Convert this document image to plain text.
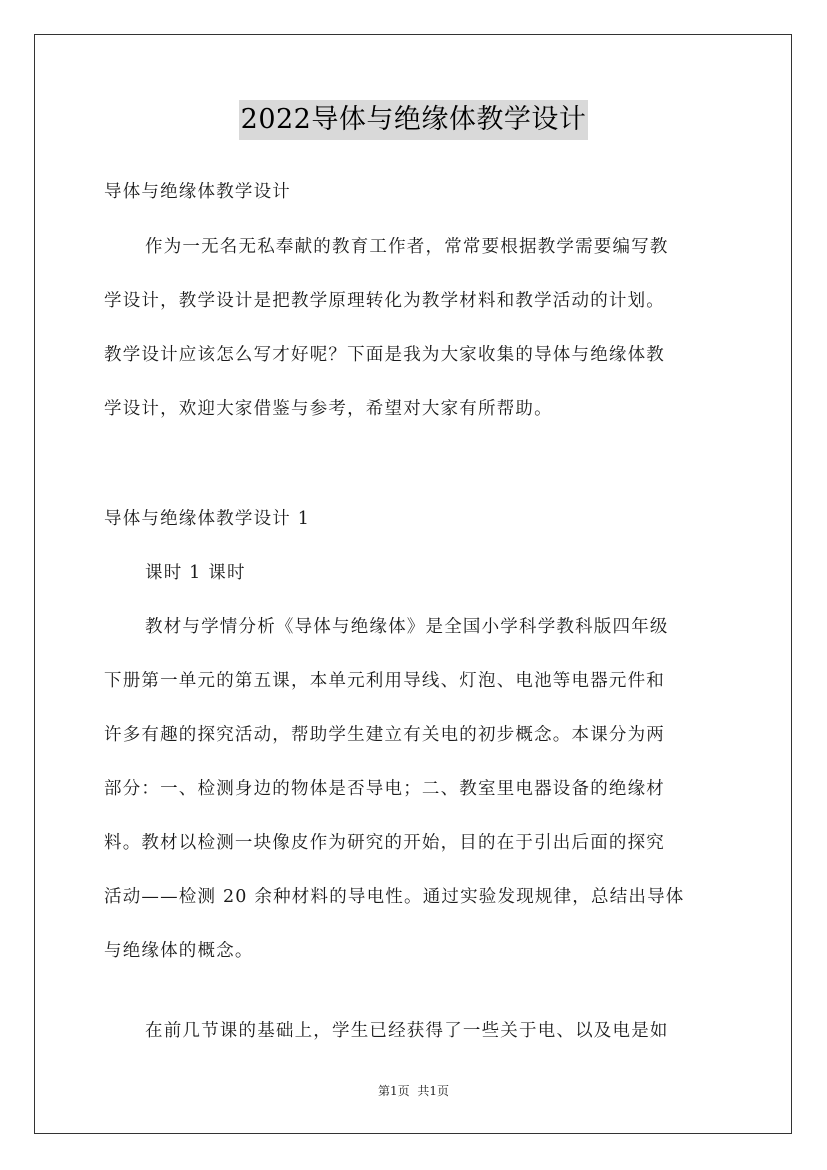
2022导体与绝缘体教学设计
导体与绝缘体教学设计
作为一无名无私奉献的教育工作者，常常要根据教学需要编写教
学设计，教学设计是把教学原理转化为教学材料和教学活动的计划。
教学设计应该怎么写才好呢？下面是我为大家收集的导体与绝缘体教
学设计，欢迎大家借鉴与参考，希望对大家有所帮助。
导体与绝缘体教学设计 1
课时 1 课时
教材与学情分析《导体与绝缘体》是全国小学科学教科版四年级
下册第一单元的第五课，本单元利用导线、灯泡、电池等电器元件和
许多有趣的探究活动，帮助学生建立有关电的初步概念。本课分为两
部分：一、检测身边的物体是否导电；二、教室里电器设备的绝缘材
料。教材以检测一块像皮作为研究的开始，目的在于引出后面的探究
活动——检测 20 余种材料的导电性。通过实验发现规律，总结出导体
与绝缘体的概念。
在前几节课的基础上，学生已经获得了一些关于电、以及电是如
第1页 共1页
